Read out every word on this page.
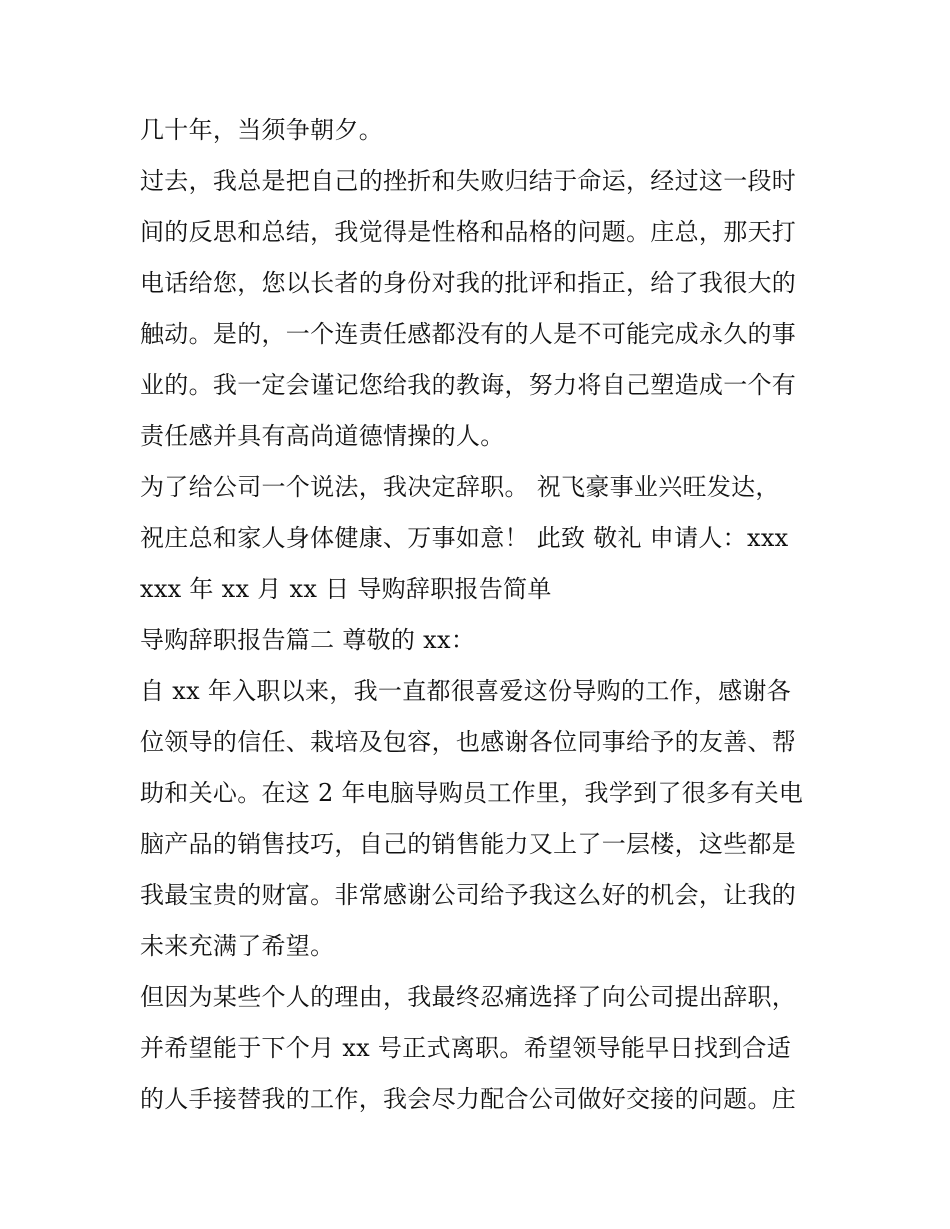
几十年，当须争朝夕。
过去，我总是把自己的挫折和失败归结于命运，经过这一段时
间的反思和总结，我觉得是性格和品格的问题。庄总，那天打
电话给您，您以长者的身份对我的批评和指正，给了我很大的
触动。是的，一个连责任感都没有的人是不可能完成永久的事
业的。我一定会谨记您给我的教诲，努力将自己塑造成一个有
责任感并具有高尚道德情操的人。
为了给公司一个说法，我决定辞职。 祝飞豪事业兴旺发达，
祝庄总和家人身体健康、万事如意！ 此致 敬礼 申请人：xxx
xxx 年 xx 月 xx 日 导购辞职报告简单
导购辞职报告篇二 尊敬的 xx：
自 xx 年入职以来，我一直都很喜爱这份导购的工作，感谢各
位领导的信任、栽培及包容，也感谢各位同事给予的友善、帮
助和关心。在这 2 年电脑导购员工作里，我学到了很多有关电
脑产品的销售技巧，自己的销售能力又上了一层楼，这些都是
我最宝贵的财富。非常感谢公司给予我这么好的机会，让我的
未来充满了希望。
但因为某些个人的理由，我最终忍痛选择了向公司提出辞职，
并希望能于下个月 xx 号正式离职。希望领导能早日找到合适
的人手接替我的工作，我会尽力配合公司做好交接的问题。庄
